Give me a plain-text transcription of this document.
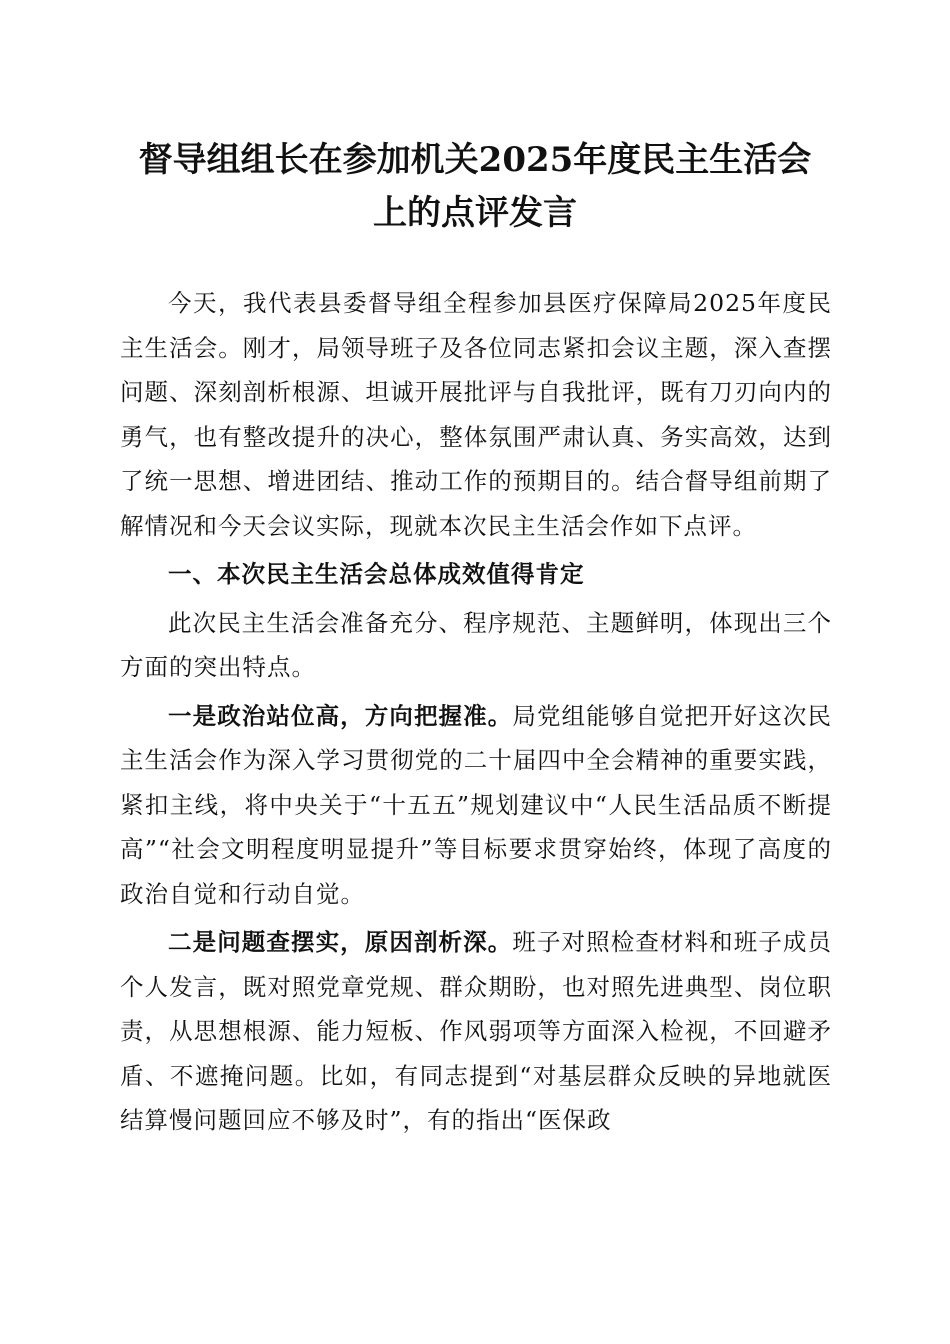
督导组组长在参加机关2025年度民主生活会
上的点评发言

今天，我代表县委督导组全程参加县医疗保障局2025年度民主生活会。刚才，局领导班子及各位同志紧扣会议主题，深入查摆问题、深刻剖析根源、坦诚开展批评与自我批评，既有刀刃向内的勇气，也有整改提升的决心，整体氛围严肃认真、务实高效，达到了统一思想、增进团结、推动工作的预期目的。结合督导组前期了解情况和今天会议实际，现就本次民主生活会作如下点评。

一、本次民主生活会总体成效值得肯定

此次民主生活会准备充分、程序规范、主题鲜明，体现出三个方面的突出特点。

一是政治站位高，方向把握准。局党组能够自觉把开好这次民主生活会作为深入学习贯彻党的二十届四中全会精神的重要实践，紧扣主线，将中央关于“十五五”规划建议中“人民生活品质不断提高”“社会文明程度明显提升”等目标要求贯穿始终，体现了高度的政治自觉和行动自觉。

二是问题查摆实，原因剖析深。班子对照检查材料和班子成员个人发言，既对照党章党规、群众期盼，也对照先进典型、岗位职责，从思想根源、能力短板、作风弱项等方面深入检视，不回避矛盾、不遮掩问题。比如，有同志提到“对基层群众反映的异地就医结算慢问题回应不够及时”，有的指出“医保政
